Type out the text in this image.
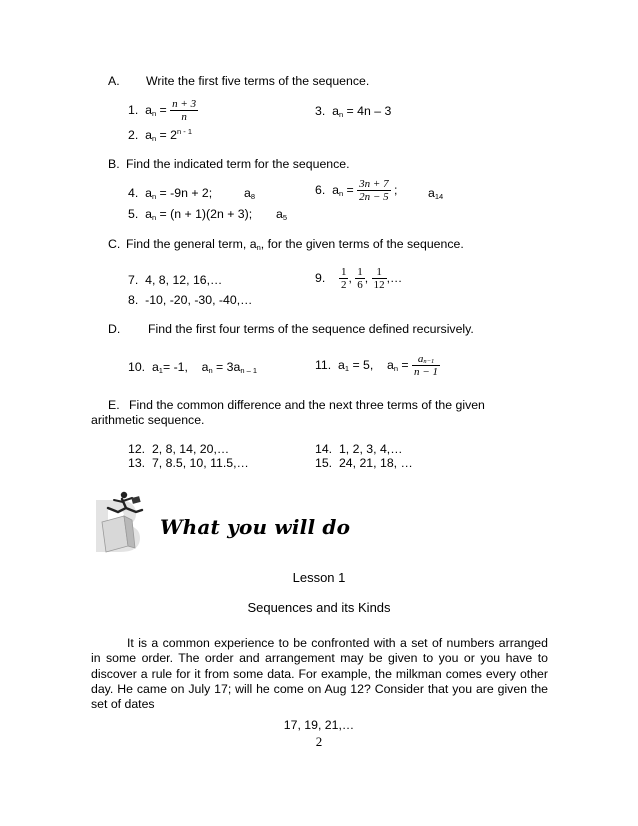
A. Write the first five terms of the sequence.
1. $a_n = \frac{n + 3}{n}$	3. $a_n = 4n - 3$
2. $a_n = 2^{n - 1}$
B. Find the indicated term for the sequence.
4. $a_n = -9n + 2$;	$a_8$	6. $a_n = \frac{3n + 7}{2n - 5}$ ; $a_{14}$
5. $a_n = (n + 1)(2n + 3)$; $a_5$
C. Find the general term, $a_n$, for the given terms of the sequence.
7. 4, 8, 12, 16,…	9. $\frac{1}{2}$ , $\frac{1}{6}$ , $\frac{1}{12}$ ,…
8. -10, -20, -30, -40,…
D. Find the first four terms of the sequence defined recursively.
10. $a_1= -1$, $a_n = 3a_{n - 1}$	11. $a_1 = 5$, $a_n = \frac{an-1}{n - 1}$
E. Find the common difference and the next three terms of the given
arithmetic sequence.
12. 2, 8, 14, 20,…	14. 1, 2, 3, 4,…
13. 7, 8.5, 10, 11.5,…	15. 24, 21, 18, …
What you will do
Lesson 1
Sequences and its Kinds
It is a common experience to be confronted with a set of numbers arranged in some order. The order and arrangement may be given to you or you have to discover a rule for it from some data. For example, the milkman comes every other day. He came on July 17; will he come on Aug 12? Consider that you are given the set of dates
17, 19, 21,…
2
